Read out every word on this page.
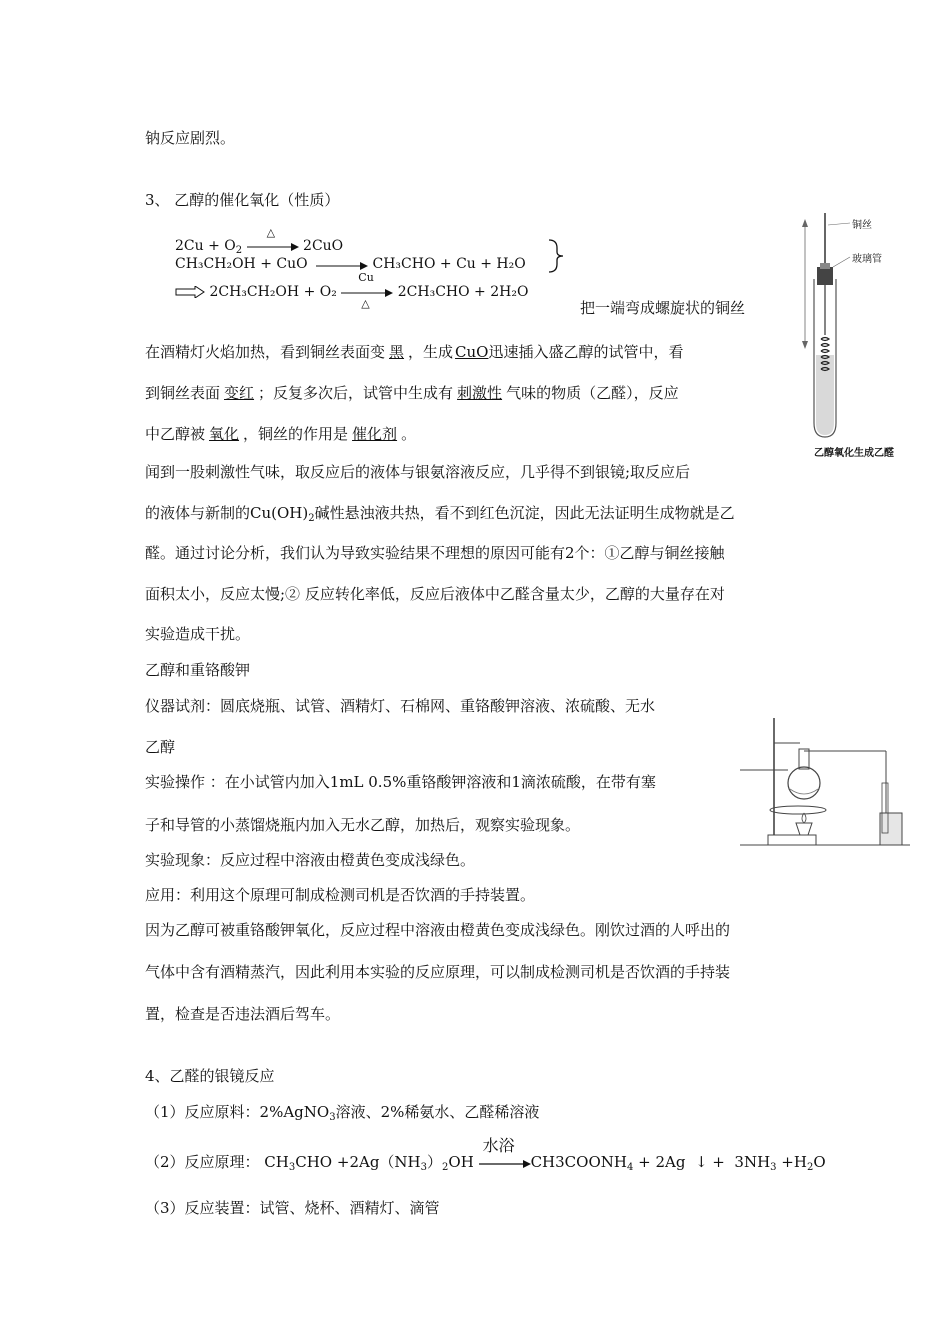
钠反应剧烈。
3、 乙醇的催化氧化（性质）
$2Cu + O_2$
△
2CuO
CH₃CH₂OH + CuO	CH₃CHO + Cu + H₂O
2CH₃CH₂OH + O₂
Cu
△
2CH₃CHO + 2H₂O
把一端弯成螺旋状的铜丝
在酒精灯火焰加热，看到铜丝表面变 黑 ，生成 CuO迅速插入盛乙醇的试管中，看
到铜丝表面 变红 ；反复多次后，试管中生成有 刺激性 气味的物质（乙醛），反应
中乙醇被 氧化 ，铜丝的作用是 催化剂 。
铜丝
玻璃管
乙醇氧化生成乙醛
闻到一股刺激性气味，取反应后的液体与银氨溶液反应，几乎得不到银镜;取反应后
的液体与新制的$Cu(OH)_2$碱性悬浊液共热，看不到红色沉淀，因此无法证明生成物就是乙
醛。通过讨论分析，我们认为导致实验结果不理想的原因可能有2个：①乙醇与铜丝接触
面积太小，反应太慢;② 反应转化率低，反应后液体中乙醛含量太少，乙醇的大量存在对
实验造成干扰。
乙醇和重铬酸钾
仪器试剂：圆底烧瓶、试管、酒精灯、石棉网、重铬酸钾溶液、浓硫酸、无水
乙醇
实验操作 ：在小试管内加入1mL 0.5%重铬酸钾溶液和1滴浓硫酸，在带有塞
子和导管的小蒸馏烧瓶内加入无水乙醇，加热后，观察实验现象。
实验现象：反应过程中溶液由橙黄色变成浅绿色。
应用：利用这个原理可制成检测司机是否饮酒的手持装置。
因为乙醇可被重铬酸钾氧化，反应过程中溶液由橙黄色变成浅绿色。刚饮过酒的人呼出的
气体中含有酒精蒸汽，因此利用本实验的反应原理，可以制成检测司机是否饮酒的手持装
置，检查是否违法酒后驾车。
4、乙醛的银镜反应
（1）反应原料：2%AgNO$_3$溶液、2%稀氨水、乙醛稀溶液
（2）反应原理： $CH_3CHO +2Ag(NH_3)_2OH$
水浴
$CH3COONH_4 + 2Ag$  ↓ +  $3NH_3 +H_2O$
（3）反应装置：试管、烧杯、酒精灯、滴管
